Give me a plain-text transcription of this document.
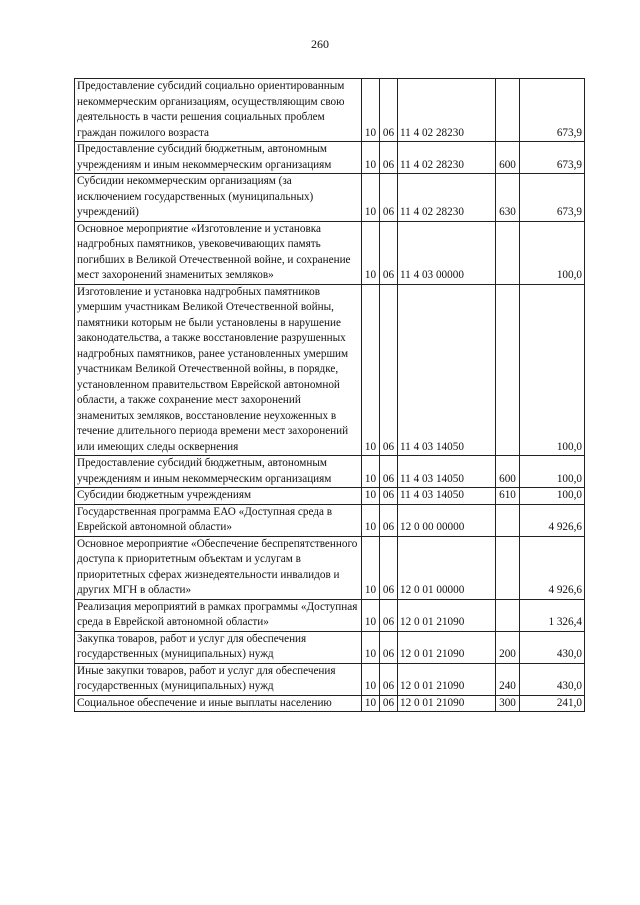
260
Предоставление субсидий социально ориентированным некоммерческим организациям, осуществляющим свою деятельность в части решения социальных проблем граждан пожилого возраста	10	06	11 4 02 28230		673,9
Предоставление субсидий бюджетным, автономным учреждениям и иным некоммерческим организациям	10	06	11 4 02 28230	600	673,9
Субсидии некоммерческим организациям (за исключением государственных (муниципальных) учреждений)	10	06	11 4 02 28230	630	673,9
Основное мероприятие «Изготовление и установка надгробных памятников, увековечивающих память погибших в Великой Отечественной войне, и сохранение мест захоронений знаменитых земляков»	10	06	11 4 03 00000		100,0
Изготовление и установка надгробных памятников умершим участникам Великой Отечественной войны, памятники которым не были установлены в нарушение законодательства, а также восстановление разрушенных надгробных памятников, ранее установленных умершим участникам Великой Отечественной войны, в порядке, установленном правительством Еврейской автономной области, а также сохранение мест захоронений знаменитых земляков, восстановление неухоженных в течение длительного периода времени мест захоронений или имеющих следы осквернения	10	06	11 4 03 14050		100,0
Предоставление субсидий бюджетным, автономным учреждениям и иным некоммерческим организациям	10	06	11 4 03 14050	600	100,0
Субсидии бюджетным учреждениям	10	06	11 4 03 14050	610	100,0
Государственная программа ЕАО «Доступная среда в Еврейской автономной области»	10	06	12 0 00 00000		4 926,6
Основное мероприятие «Обеспечение беспрепятственного доступа к приоритетным объектам и услугам в приоритетных сферах жизнедеятельности инвалидов и других МГН в области»	10	06	12 0 01 00000		4 926,6
Реализация мероприятий в рамках программы «Доступная среда в Еврейской автономной области»	10	06	12 0 01 21090		1 326,4
Закупка товаров, работ и услуг для обеспечения государственных (муниципальных) нужд	10	06	12 0 01 21090	200	430,0
Иные закупки товаров, работ и услуг для обеспечения государственных (муниципальных) нужд	10	06	12 0 01 21090	240	430,0
Социальное обеспечение и иные выплаты населению	10	06	12 0 01 21090	300	241,0
